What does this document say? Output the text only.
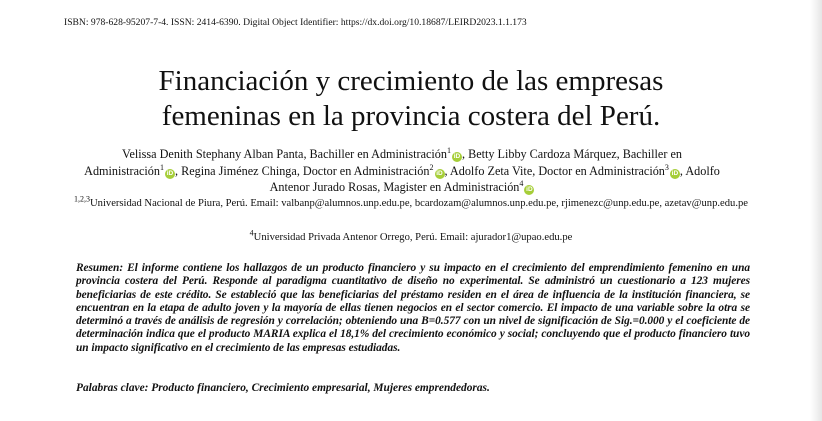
ISBN: 978-628-95207-7-4. ISSN: 2414-6390. Digital Object Identifier: https://dx.doi.org/10.18687/LEIRD2023.1.1.173
Financiación y crecimiento de las empresas
femeninas en la provincia costera del Perú.
Velissa Denith Stephany Alban Panta, Bachiller en Administración$^1$iD , Betty Libby Cardoza Márquez, Bachiller en Administración$^1$iD , Regina Jiménez Chinga, Doctor en Administración$^2$iD , Adolfo Zeta Vite, Doctor en Administración$^3$iD , Adolfo Antenor Jurado Rosas, Magister en Administración$^4$iD
$^{1,2,3}$Universidad Nacional de Piura, Perú. Email: valbanp@alumnos.unp.edu.pe, bcardozam@alumnos.unp.edu.pe, rjimenezc@unp.edu.pe, azetav@unp.edu.pe
$^4$Universidad Privada Antenor Orrego, Perú. Email: ajurador1@upao.edu.pe
Resumen: El informe contiene los hallazgos de un producto financiero y su impacto en el crecimiento del emprendimiento femenino en una provincia costera del Perú. Responde al paradigma cuantitativo de diseño no experimental. Se administró un cuestionario a 123 mujeres beneficiarias de este crédito. Se estableció que las beneficiarias del préstamo residen en el área de influencia de la institución financiera, se encuentran en la etapa de adulto joven y la mayoría de ellas tienen negocios en el sector comercio. El impacto de una variable sobre la otra se determinó a través de análisis de regresión y correlación; obteniendo una B=0.577 con un nivel de significación de Sig.=0.000 y el coeficiente de determinación indica que el producto MARIA explica el 18,1% del crecimiento económico y social; concluyendo que el producto financiero tuvo un impacto significativo en el crecimiento de las empresas estudiadas.
Palabras clave: Producto financiero, Crecimiento empresarial, Mujeres emprendedoras.
